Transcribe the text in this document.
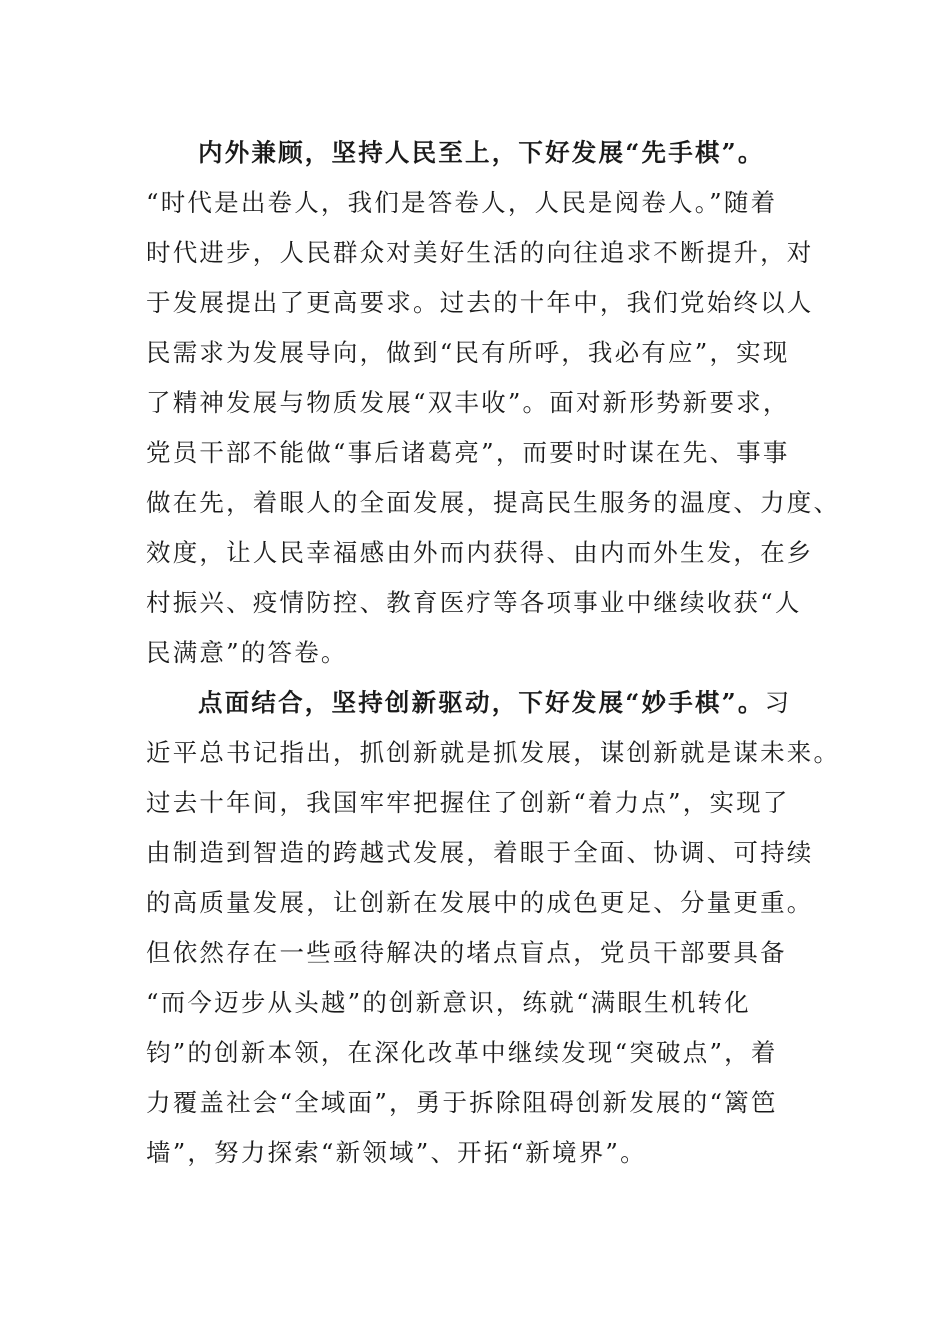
内外兼顾，坚持人民至上，下好发展“先手棋”。
“时代是出卷人，我们是答卷人，人民是阅卷人。”随着
时代进步，人民群众对美好生活的向往追求不断提升，对
于发展提出了更高要求。过去的十年中，我们党始终以人
民需求为发展导向，做到“民有所呼，我必有应”，实现
了精神发展与物质发展“双丰收”。面对新形势新要求，
党员干部不能做“事后诸葛亮”，而要时时谋在先、事事
做在先，着眼人的全面发展，提高民生服务的温度、力度、
效度，让人民幸福感由外而内获得、由内而外生发，在乡
村振兴、疫情防控、教育医疗等各项事业中继续收获“人
民满意”的答卷。
点面结合，坚持创新驱动，下好发展“妙手棋”。习
近平总书记指出，抓创新就是抓发展，谋创新就是谋未来。
过去十年间，我国牢牢把握住了创新“着力点”，实现了
由制造到智造的跨越式发展，着眼于全面、协调、可持续
的高质量发展，让创新在发展中的成色更足、分量更重。
但依然存在一些亟待解决的堵点盲点，党员干部要具备
“而今迈步从头越”的创新意识，练就“满眼生机转化
钧”的创新本领，在深化改革中继续发现“突破点”，着
力覆盖社会“全域面”，勇于拆除阻碍创新发展的“篱笆
墙”，努力探索“新领域”、开拓“新境界”。
